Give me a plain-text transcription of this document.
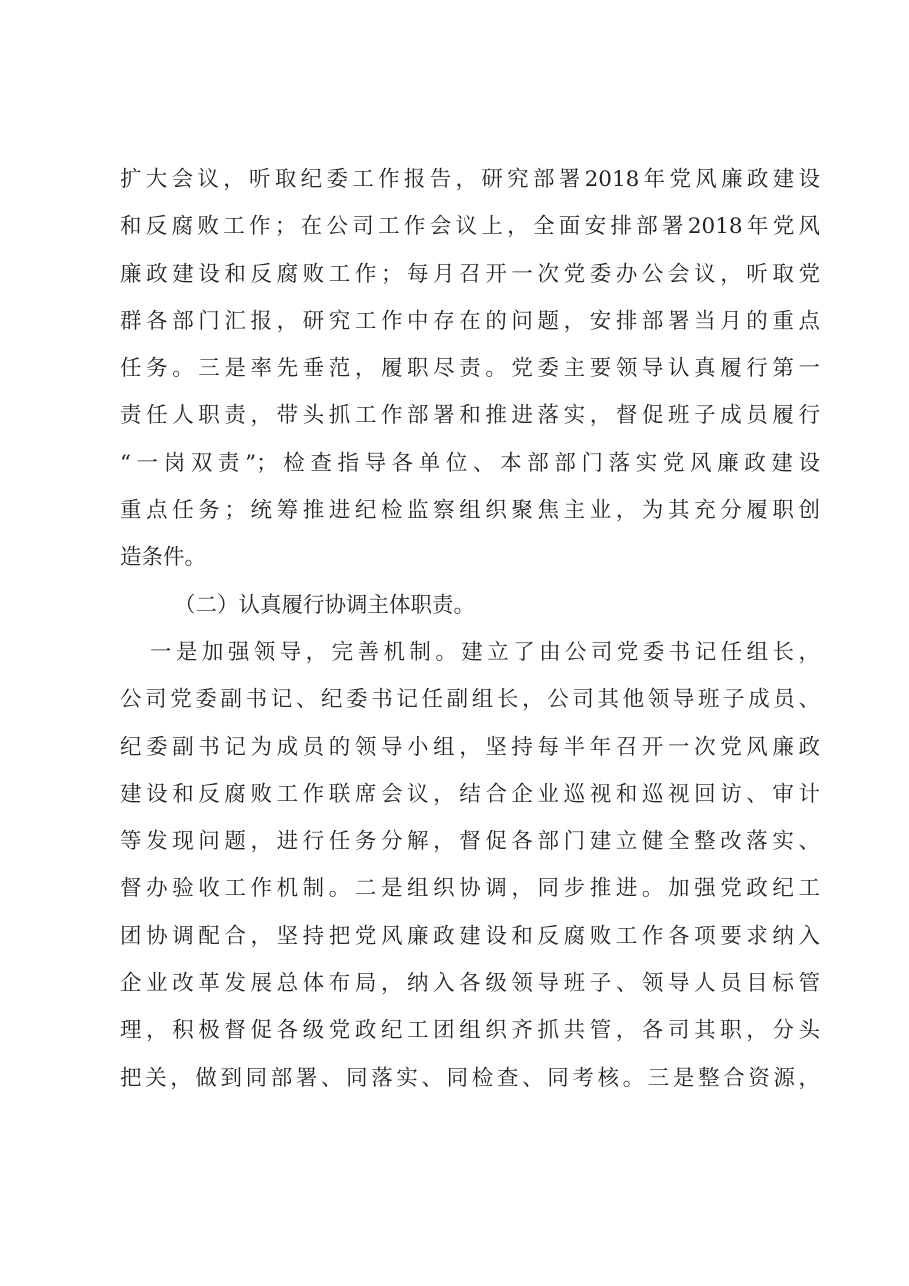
扩大会议，听取纪委工作报告，研究部署2018年党风廉政建设
和反腐败工作；在公司工作会议上，全面安排部署2018年党风
廉政建设和反腐败工作；每月召开一次党委办公会议，听取党
群各部门汇报，研究工作中存在的问题，安排部署当月的重点
任务。三是率先垂范，履职尽责。党委主要领导认真履行第一
责任人职责，带头抓工作部署和推进落实，督促班子成员履行
“一岗双责”；检查指导各单位、本部部门落实党风廉政建设
重点任务；统筹推进纪检监察组织聚焦主业，为其充分履职创
造条件。
（二）认真履行协调主体职责。
一是加强领导，完善机制。建立了由公司党委书记任组长，
公司党委副书记、纪委书记任副组长，公司其他领导班子成员、
纪委副书记为成员的领导小组，坚持每半年召开一次党风廉政
建设和反腐败工作联席会议，结合企业巡视和巡视回访、审计
等发现问题，进行任务分解，督促各部门建立健全整改落实、
督办验收工作机制。二是组织协调，同步推进。加强党政纪工
团协调配合，坚持把党风廉政建设和反腐败工作各项要求纳入
企业改革发展总体布局，纳入各级领导班子、领导人员目标管
理，积极督促各级党政纪工团组织齐抓共管，各司其职，分头
把关，做到同部署、同落实、同检查、同考核。三是整合资源，
